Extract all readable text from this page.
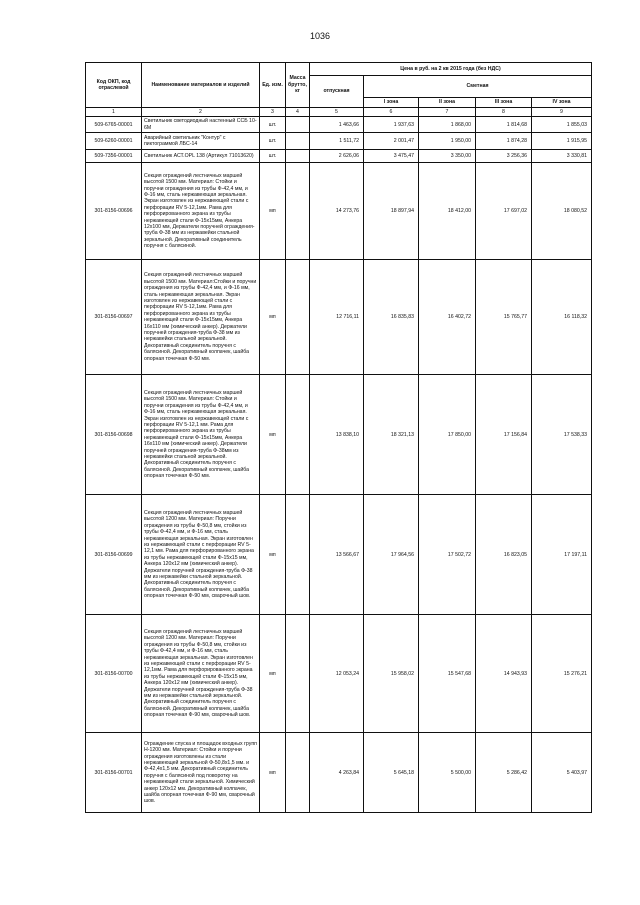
1036
Код ОКП, код отраслевой	Наименование материалов и изделий	Ед. изм.	Масса брутто, кг	Цена в руб. на 2 кв 2015 года (без НДС)				
				отпускная	Сметная			
					I зона	II зона	III зона	IV зона
1	2	3	4	5	6	7	8	9
509-6765-00001	Светильник светодиодный настенный ССБ 10-6М	шт.		1 463,66	1 937,63	1 868,00	1 814,68	1 855,03
509-6260-00001	Аварийный светильник "Контур" с пиктограммой ЛБС-14	шт.		1 511,72	2 001,47	1 950,00	1 874,28	1 915,95
509-7356-00001	Светильник АСТ.OPL 138 (Артикул 71013620)	шт.		2 626,06	3 475,47	3 350,00	3 256,36	3 330,81
301-8156-00696	Секция ограждений лестничных маршей высотой 1500 мм. Материал: Стойки и поручни ограждения из трубы Ф-42,4 мм, и Ф-16 мм, сталь нержавеющая зеркальная. Экран изготовлен из нержавеющей стали с перфорации RV 5-12,1мм. Рама для перфорированного экрана из трубы нержавеющей стали Ф-15х15мм, Анкера 12х100 мм, Держатели поручней ограждения-труба Ф-38 мм из нержавейки стальной зеркальной. Декоративный соединитель поручня с балясиной.	мп		14 273,76	18 897,94	18 412,00	17 697,02	18 080,52
301-8156-00697	Секция ограждений лестничных маршей высотой 1500 мм. Материал:Стойки и поручни ограждения из трубы Ф-42,4 мм, и Ф-16 мм, сталь нержавеющая зеркальная. Экран изготовлен из нержавеющей стали с перфорации RV 5-12,1мм. Рама для перфорированного экрана из трубы нержавеющей стали Ф-15х15мм, Анкера 16х110 мм (химический анкер). Держатели поручней ограждения-труба Ф-38 мм из нержавейки стальной зеркальной. Декоративный соединитель поручня с балясиной. Декоративный колпачек, шайба опорная точечная Ф-50 мм.	мп		12 716,11	16 835,83	16 402,72	15 765,77	16 118,32
301-8156-00698	Секция ограждений лестничных маршей высотой 1500 мм. Материал: Стойки и поручни ограждения из трубы Ф-42,4 мм, и Ф-16 мм, сталь нержавеющая зеркальная. Экран изготовлен из нержавеющей стали с перфорации RV 5-12,1 мм. Рама для перфорированного экрана из трубы нержавеющей стали Ф-15х15мм, Анкера 16х110 мм (химический анкер). Держатели поручней ограждения-труба Ф-38мм из нержавейки стальной зеркальной. Декоративный соединитель поручня с балясиной. Декоративный колпачек, шайба опорная точечная Ф-50 мм.	мп		13 838,10	18 321,13	17 850,00	17 156,84	17 538,33
301-8156-00699	Секция ограждений лестничных маршей высотой 1200 мм. Материал: Поручни ограждения из трубы Ф-50,8 мм, стойки из трубы Ф-42,4 мм, и Ф-16 мм, сталь нержавеющая зеркальная. Экран изготовлен из нержавеющей стали с перфорации RV 5-12,1 мм. Рама для перфорированного экрана из трубы нержавеющей стали Ф-15х15 мм, Анкера 120х12 мм (химический анкер). Держатели поручней ограждения-труба Ф-38 мм из нержавейки стальной зеркальной. Декоративный соединитель поручня с балясиной. Декоративный колпачек, шайба опорная точечная Ф-90 мм, сварочный шов.	мп		13 566,67	17 964,56	17 502,72	16 823,05	17 197,11
301-8156-00700	Секция ограждений лестничных маршей высотой 1200 мм. Материал: Поручни ограждения из трубы Ф-50,8 мм, стойки из трубы Ф-42,4 мм, и Ф-16 мм, сталь нержавеющая зеркальная. Экран изготовлен из нержавеющей стали с перфорации RV 5-12,1мм. Рама для перфорированного экрана из трубы нержавеющей стали Ф-15х15 мм, Анкера 120х12 мм (химический анкер). Держатели поручней ограждения-труба Ф-38 мм из нержавейки стальной зеркальной. Декоративный соединитель поручня с балясиной. Декоративный колпачек, шайба опорная точечная Ф-90 мм, сварочный шов.	мп		12 053,24	15 958,02	15 547,68	14 943,93	15 276,21
301-8156-00701	Ограждение спуска и площадок входных групп Н-1200 мм. Материал: Стойки и поручни ограждения изготовлены из стали нержавеющей зеркальной Ф-50,8х1,5 мм. и Ф-42,4х1,5 мм. Декоративный соединитель поручня с балясиной под поворотку на нержавеющей стали зеркальной. Химический анкер 120х12 мм. Декоративный колпачек, шайба опорная точечная Ф-90 мм, сварочный шов.	мп		4 263,84	5 645,18	5 500,00	5 286,42	5 403,97
